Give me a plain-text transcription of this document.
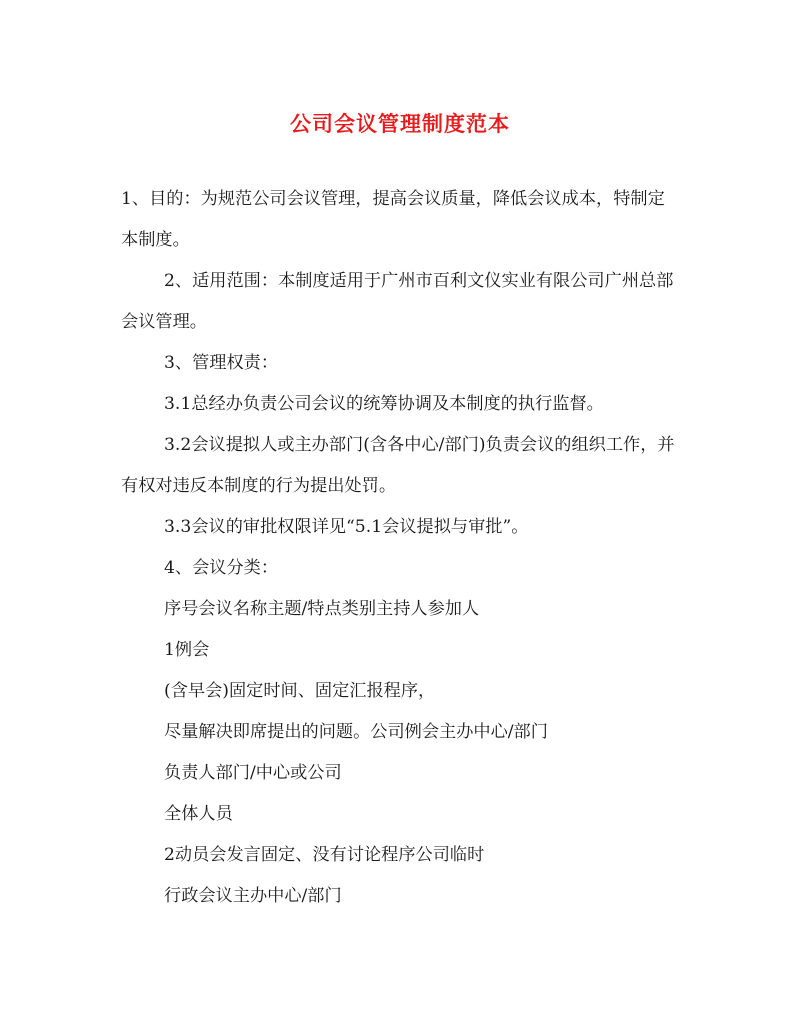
公司会议管理制度范本

1、目的：为规范公司会议管理，提高会议质量，降低会议成本，特制定本制度。

2、适用范围：本制度适用于广州市百利文仪实业有限公司广州总部会议管理。

3、管理权责：

3.1总经办负责公司会议的统筹协调及本制度的执行监督。

3.2会议提拟人或主办部门(含各中心/部门)负责会议的组织工作，并有权对违反本制度的行为提出处罚。

3.3会议的审批权限详见“5.1会议提拟与审批”。

4、会议分类：

序号会议名称主题/特点类别主持人参加人

1例会

(含早会)固定时间、固定汇报程序，

尽量解决即席提出的问题。公司例会主办中心/部门

负责人部门/中心或公司

全体人员

2动员会发言固定、没有讨论程序公司临时

行政会议主办中心/部门
